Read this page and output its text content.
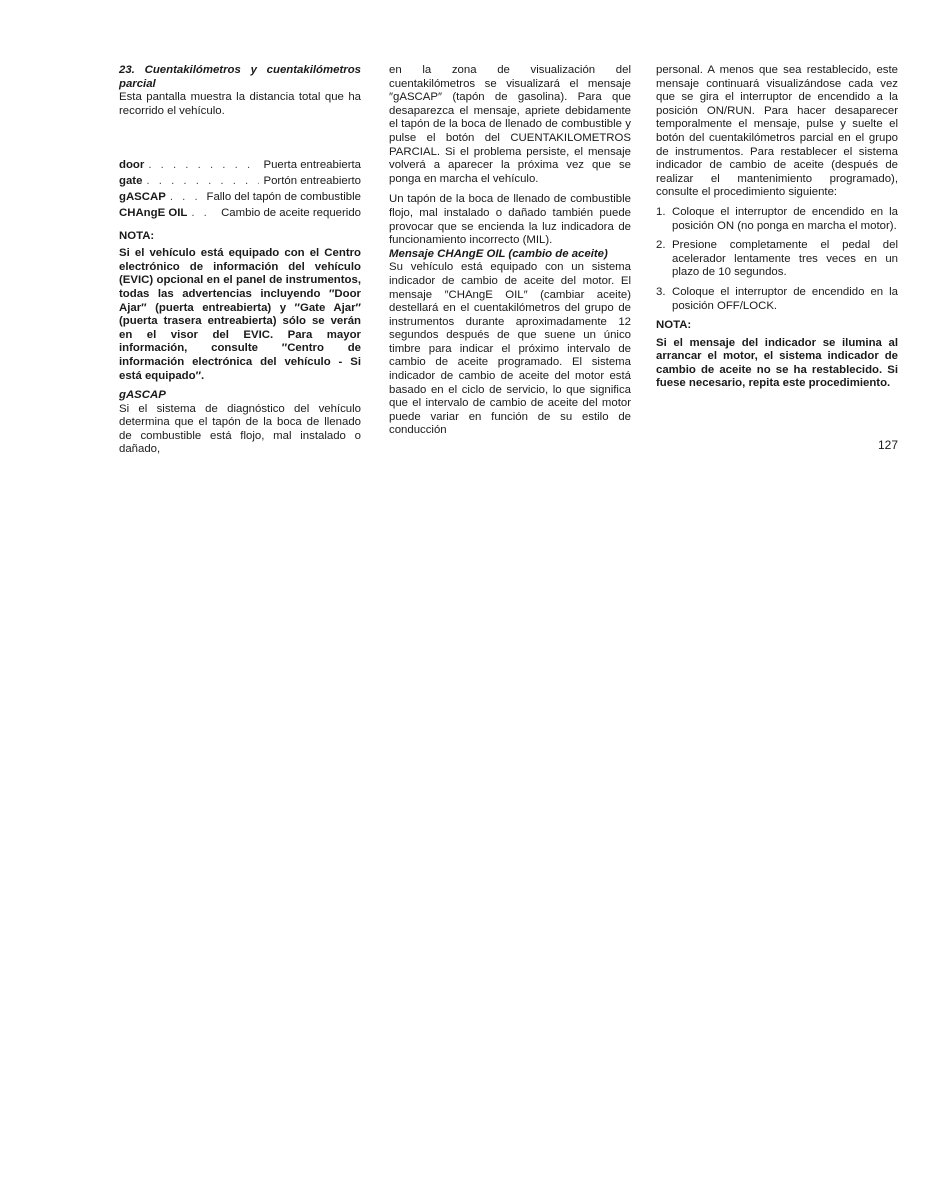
23. Cuentakilómetros y cuentakilómetros parcial

Esta pantalla muestra la distancia total que ha recorrido el vehículo.

door . . .	Puerta entreabierta
gate . . .	Portón entreabierto
gASCAP . . .	Fallo del tapón de combustible
CHAngE OIL . . .	Cambio de aceite requerido

NOTA:

Si el vehículo está equipado con el Centro electrónico de información del vehículo (EVIC) opcional en el panel de instrumentos, todas las advertencias incluyendo ″Door Ajar″ (puerta entreabierta) y ″Gate Ajar″ (puerta trasera entreabierta) sólo se verán en el visor del EVIC. Para mayor información, consulte ″Centro de información electrónica del vehículo - Si está equipado″.

gASCAP

Si el sistema de diagnóstico del vehículo determina que el tapón de la boca de llenado de combustible está flojo, mal instalado o dañado,

en la zona de visualización del cuentakilómetros se visualizará el mensaje ″gASCAP″ (tapón de gasolina). Para que desaparezca el mensaje, apriete debidamente el tapón de la boca de llenado de combustible y pulse el botón del CUENTAKILOMETROS PARCIAL. Si el problema persiste, el mensaje volverá a aparecer la próxima vez que se ponga en marcha el vehículo.

Un tapón de la boca de llenado de combustible flojo, mal instalado o dañado también puede provocar que se encienda la luz indicadora de funcionamiento incorrecto (MIL).

Mensaje CHAngE OIL (cambio de aceite)

Su vehículo está equipado con un sistema indicador de cambio de aceite del motor. El mensaje ″CHAngE OIL″ (cambiar aceite) destellará en el cuentakilómetros del grupo de instrumentos durante aproximadamente 12 segundos después de que suene un único timbre para indicar el próximo intervalo de cambio de aceite programado. El sistema indicador de cambio de aceite del motor está basado en el ciclo de servicio, lo que significa que el intervalo de cambio de aceite del motor puede variar en función de su estilo de conducción

personal. A menos que sea restablecido, este mensaje continuará visualizándose cada vez que se gira el interruptor de encendido a la posición ON/RUN. Para hacer desaparecer temporalmente el mensaje, pulse y suelte el botón del cuentakilómetros parcial en el grupo de instrumentos. Para restablecer el sistema indicador de cambio de aceite (después de realizar el mantenimiento programado), consulte el procedimiento siguiente:

1. Coloque el interruptor de encendido en la posición ON (no ponga en marcha el motor).
2. Presione completamente el pedal del acelerador lentamente tres veces en un plazo de 10 segundos.
3. Coloque el interruptor de encendido en la posición OFF/LOCK.

NOTA:

Si el mensaje del indicador se ilumina al arrancar el motor, el sistema indicador de cambio de aceite no se ha restablecido. Si fuese necesario, repita este procedimiento.

127
